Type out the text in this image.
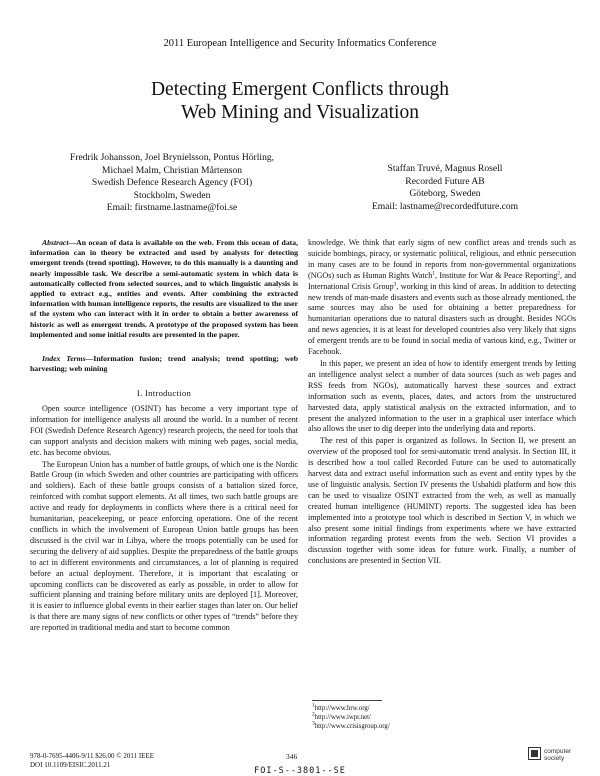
2011 European Intelligence and Security Informatics Conference
Detecting Emergent Conflicts through
Web Mining and Visualization
Fredrik Johansson, Joel Brynielsson, Pontus Hörling,
Michael Malm, Christian Mårtenson
Swedish Defence Research Agency (FOI)
Stockholm, Sweden
Email: firstname.lastname@foi.se
Staffan Truvé, Magnus Rosell
Recorded Future AB
Göteborg, Sweden
Email: lastname@recordedfuture.com

Abstract—An ocean of data is available on the web. From this ocean of data, information can in theory be extracted and used by analysts for detecting emergent trends (trend spotting). However, to do this manually is a daunting and nearly impossible task. We describe a semi-automatic system in which data is automatically collected from selected sources, and to which linguistic analysis is applied to extract e.g., entities and events. After combining the extracted information with human intelligence reports, the results are visualized to the user of the system who can interact with it in order to obtain a better awareness of historic as well as emergent trends. A prototype of the proposed system has been implemented and some initial results are presented in the paper.

Index Terms—Information fusion; trend analysis; trend spotting; web harvesting; web mining

I. Introduction

Open source intelligence (OSINT) has become a very important type of information for intelligence analysts all around the world. In a number of recent FOI (Swedish Defence Research Agency) research projects, the need for tools that can support analysts and decision makers with mining web pages, social media, etc. has become obvious.

The European Union has a number of battle groups, of which one is the Nordic Battle Group (in which Sweden and other countries are participating with officers and soldiers). Each of these battle groups consists of a battalion sized force, reinforced with combat support elements. At all times, two such battle groups are active and ready for deployments in conflicts where there is a critical need for humanitarian, peacekeeping, or peace enforcing operations. One of the recent conflicts in which the involvement of European Union battle groups has been discussed is the civil war in Libya, where the troops potentially can be used for securing the delivery of aid supplies. Despite the preparedness of the battle groups to act in different environments and circumstances, a lot of planning is required before an actual deployment. Therefore, it is important that escalating or upcoming conflicts can be discovered as early as possible, in order to allow for sufficient planning and training before military units are deployed [1]. Moreover, it is easier to influence global events in their earlier stages than later on. Our belief is that there are many signs of new conflicts or other types of “trends” before they are reported in traditional media and start to become common

knowledge. We think that early signs of new conflict areas and trends such as suicide bombings, piracy, or systematic political, religious, and ethnic persecution in many cases are to be found in reports from non-governmental organizations (NGOs) such as Human Rights Watch$^1$, Institute for War & Peace Reporting$^2$, and International Crisis Group$^3$, working in this kind of areas. In addition to detecting new trends of man-made disasters and events such as those already mentioned, the same sources may also be used for obtaining a better preparedness for humanitarian operations due to natural disasters such as drought. Besides NGOs and news agencies, it is at least for developed countries also very likely that signs of emergent trends are to be found in social media of various kind, e.g., Twitter or Facebook.

In this paper, we present an idea of how to identify emergent trends by letting an intelligence analyst select a number of data sources (such as web pages and RSS feeds from NGOs), automatically harvest these sources and extract information such as events, places, dates, and actors from the unstructured harvested data, apply statistical analysis on the extracted information, and to present the analyzed information to the user in a graphical user interface which also allows the user to dig deeper into the underlying data and reports.

The rest of this paper is organized as follows. In Section II, we present an overview of the proposed tool for semi-automatic trend analysis. In Section III, it is described how a tool called Recorded Future can be used to automatically harvest data and extract useful information such as event and entity types by the use of linguistic analysis. Section IV presents the Ushahidi platform and how this can be used to visualize OSINT extracted from the web, as well as manually created human intelligence (HUMINT) reports. The suggested idea has been implemented into a prototype tool which is described in Section V, in which we also present some initial findings from experiments where we have extracted information regarding protest events from the web. Section VI provides a discussion together with some ideas for future work. Finally, a number of conclusions are presented in Section VII.

$^1$http://www.hrw.org/
$^2$http://www.iwpr.net/
$^3$http://www.crisisgroup.org/
978-0-7695-4406-9/11 $26.00 © 2011 IEEE
DOI 10.1109/EISIC.2011.21
346
computer
society
FOI-S--3801--SE
